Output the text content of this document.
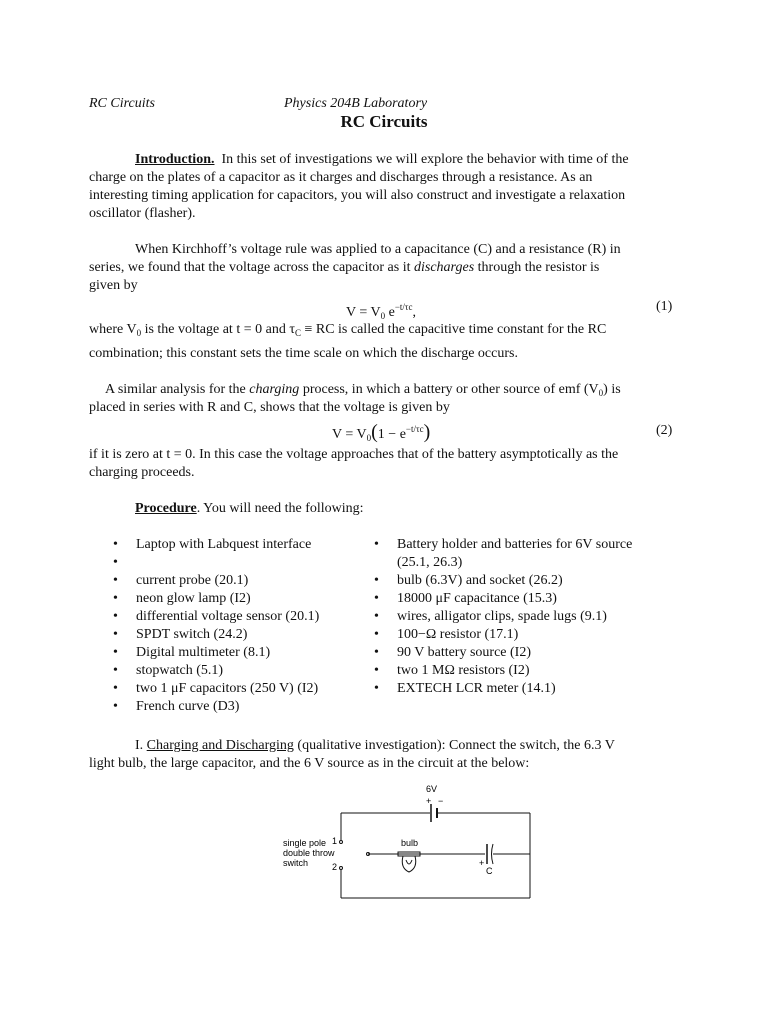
RC Circuits	Physics 204B Laboratory
RC Circuits
Introduction. In this set of investigations we will explore the behavior with time of the
charge on the plates of a capacitor as it charges and discharges through a resistance. As an
interesting timing application for capacitors, you will also construct and investigate a relaxation
oscillator (flasher).
When Kirchhoff’s voltage rule was applied to a capacitance (C) and a resistance (R) in
series, we found that the voltage across the capacitor as it discharges through the resistor is
given by
$V = V_0$ $e^{-t/\tau c}$,	(1)
where $V_0$ is the voltage at t = 0 and $\tau_C$ ≡ RC is called the capacitive time constant for the RC
combination; this constant sets the time scale on which the discharge occurs.
A similar analysis for the charging process, in which a battery or other source of emf $(V_0)$ is
placed in series with R and C, shows that the voltage is given by
$V = V_0(1 - e^{-t/\tau c})$	(2)
if it is zero at t = 0. In this case the voltage approaches that of the battery asymptotically as the
charging proceeds.
Procedure. You will need the following:
• Laptop with Labquest interface
•
• current probe (20.1)
• neon glow lamp (I2)
• differential voltage sensor (20.1)
• SPDT switch (24.2)
• Digital multimeter (8.1)
• stopwatch (5.1)
• two 1 μF capacitors (250 V) (I2)
• French curve (D3)
• Battery holder and batteries for 6V source (25.1, 26.3)
• bulb (6.3V) and socket (26.2)
• 18000 μF capacitance (15.3)
• wires, alligator clips, spade lugs (9.1)
• 100−Ω resistor (17.1)
• 90 V battery source (I2)
• two 1 MΩ resistors (I2)
• EXTECH LCR meter (14.1)
I. Charging and Discharging (qualitative investigation): Connect the switch, the 6.3 V
light bulb, the large capacitor, and the 6 V source as in the circuit at the below:
6V
+ −
single pole
double throw
switch
1
2
bulb
+
C
